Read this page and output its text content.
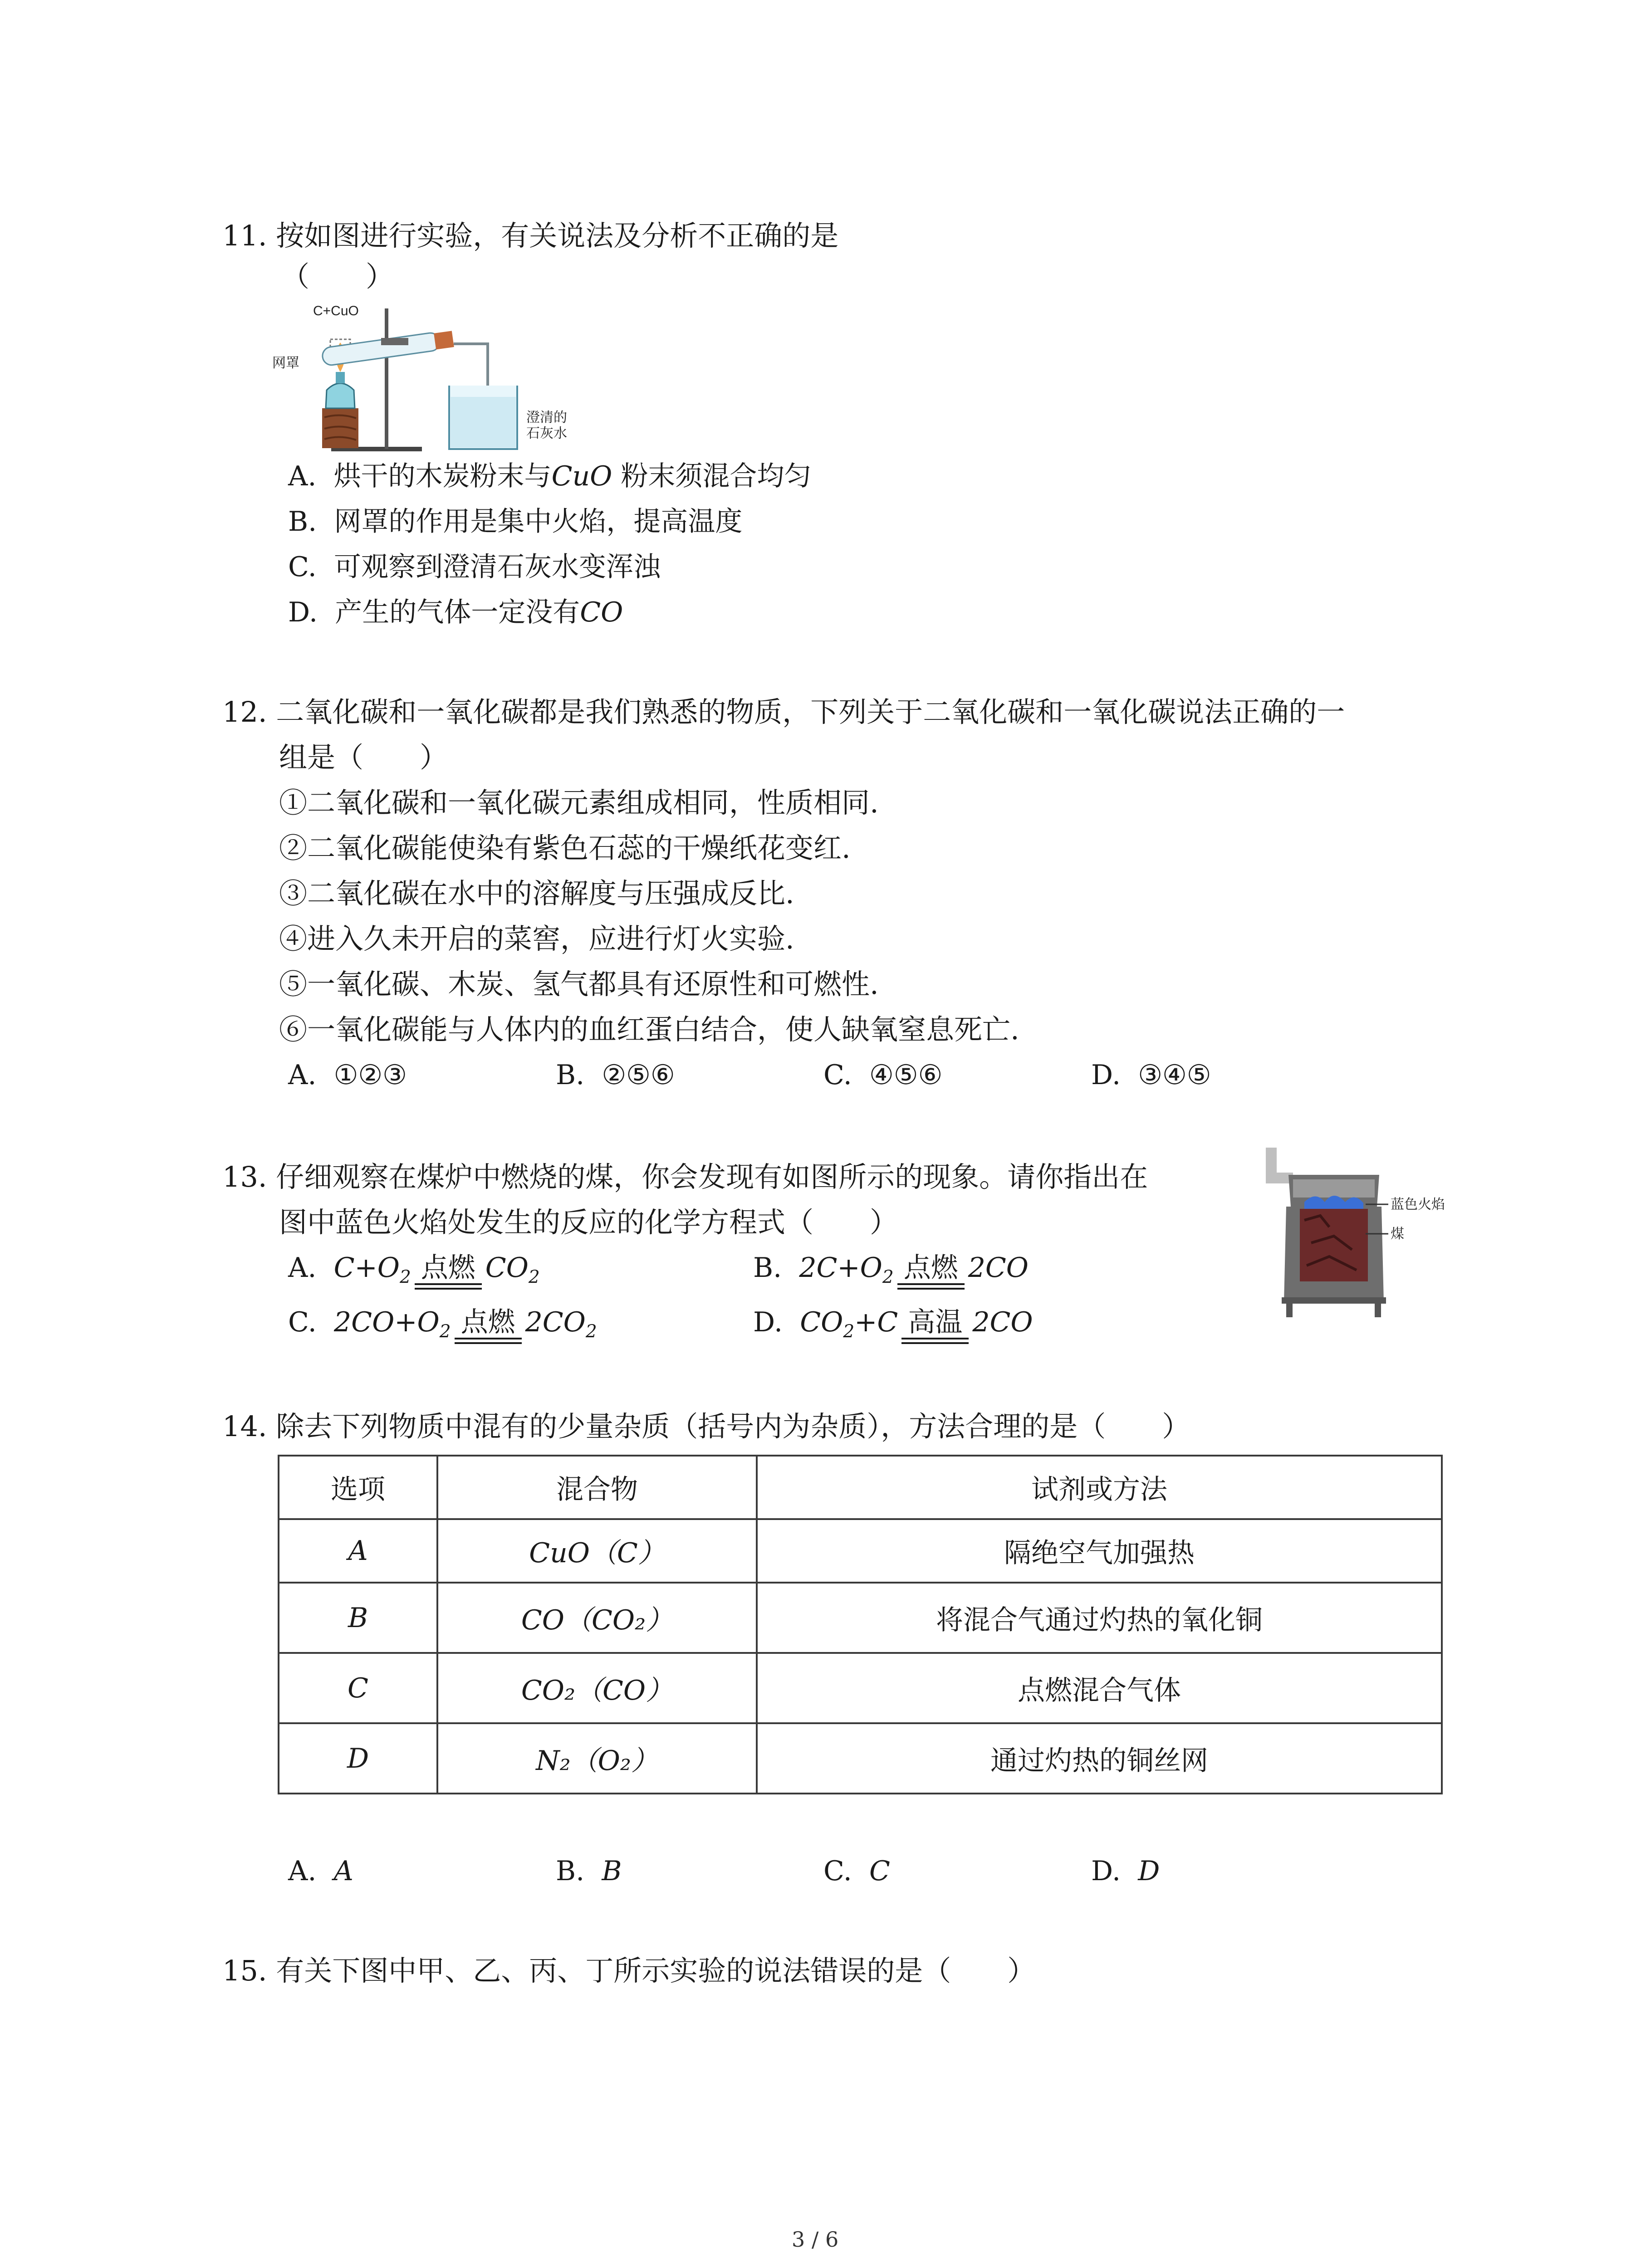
11. 按如图进行实验，有关说法及分析不正确的是
（　　）
C+CuO
网罩
澄清的
石灰水
A. 烘干的木炭粉末与CuO 粉末须混合均匀
B. 网罩的作用是集中火焰，提高温度
C. 可观察到澄清石灰水变浑浊
D. 产生的气体一定没有CO
12. 二氧化碳和一氧化碳都是我们熟悉的物质，下列关于二氧化碳和一氧化碳说法正确的一
组是（　　）
①二氧化碳和一氧化碳元素组成相同，性质相同.
②二氧化碳能使染有紫色石蕊的干燥纸花变红.
③二氧化碳在水中的溶解度与压强成反比.
④进入久未开启的菜窖，应进行灯火实验.
⑤一氧化碳、木炭、氢气都具有还原性和可燃性.
⑥一氧化碳能与人体内的血红蛋白结合，使人缺氧窒息死亡.
A. ①②③	B. ②⑤⑥	C. ④⑤⑥	D. ③④⑤
13. 仔细观察在煤炉中燃烧的煤，你会发现有如图所示的现象。请你指出在
图中蓝色火焰处发生的反应的化学方程式（　　）
蓝色火焰
煤
A. $C+O_2$ 点燃 $CO_2$	B. $2C+O_2$ 点燃 2CO
C. $2CO+O_2$ 点燃 $2CO_2$	D. $CO_2+C$ 高温 2CO
14. 除去下列物质中混有的少量杂质（括号内为杂质），方法合理的是（　　）
选项	混合物	试剂或方法
A	CuO（C）	隔绝空气加强热
B	CO（CO₂）	将混合气通过灼热的氧化铜
C	CO₂（CO）	点燃混合气体
D	N₂（O₂）	通过灼热的铜丝网
A. A	B. B	C. C	D. D
15. 有关下图中甲、乙、丙、丁所示实验的说法错误的是（　　）
3 / 6
